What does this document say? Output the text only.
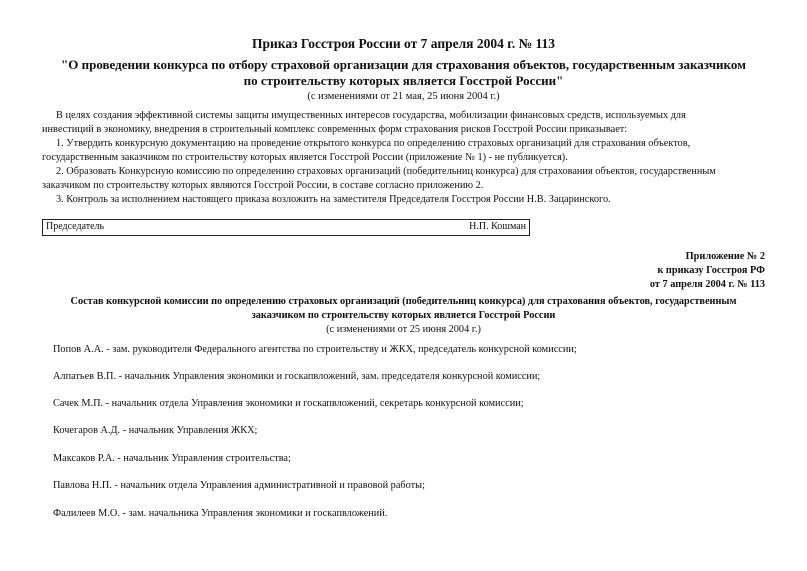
Приказ Госстроя России от 7 апреля 2004 г. № 113
"О проведении конкурса по отбору страховой организации для страхования объектов, государственным заказчиком
по строительству которых является Госстрой России"
(с изменениями от 21 мая, 25 июня 2004 г.)
В целях создания эффективной системы защиты имущественных интересов государства, мобилизации финансовых средств, используемых для
инвестиций в экономику, внедрения в строительный комплекс современных форм страхования рисков Госстрой России приказывает:
1. Утвердить конкурсную документацию на проведение открытого конкурса по определению страховых организаций для страхования объектов,
государственным заказчиком по строительству которых является Госстрой России (приложение № 1) - не публикуется).
2. Образовать Конкурсную комиссию по определению страховых организаций (победительниц конкурса) для страхования объектов, государственным
заказчиком по строительству которых являются Госстрой России, в составе согласно приложению 2.
3. Контроль за исполнением настоящего приказа возложить на заместителя Председателя Госстроя России Н.В. Зацаринского.
Председатель	Н.П. Кошман
Приложение № 2
к приказу Госстроя РФ
от 7 апреля 2004 г. № 113
Состав конкурсной комиссии по определению страховых организаций (победительниц конкурса) для страхования объектов, государственным
заказчиком по строительству которых является Госстрой России
(с изменениями от 25 июня 2004 г.)
Попов А.А. - зам. руководителя Федерального агентства по строительству и ЖКХ, председатель конкурсной комиссии;
Алпатьев В.П. - начальник Управления экономики и госкапвложений, зам. председателя конкурсной комиссии;
Сачек М.П. - начальник отдела Управления экономики и госкапвложений, секретарь конкурсной комиссии;
Кочегаров А.Д. - начальник Управления ЖКХ;
Максаков Р.А. - начальник Управления строительства;
Павлова Н.П. - начальник отдела Управления административной и правовой работы;
Фалилеев М.О. - зам. начальника Управления экономики и госкапвложений.
